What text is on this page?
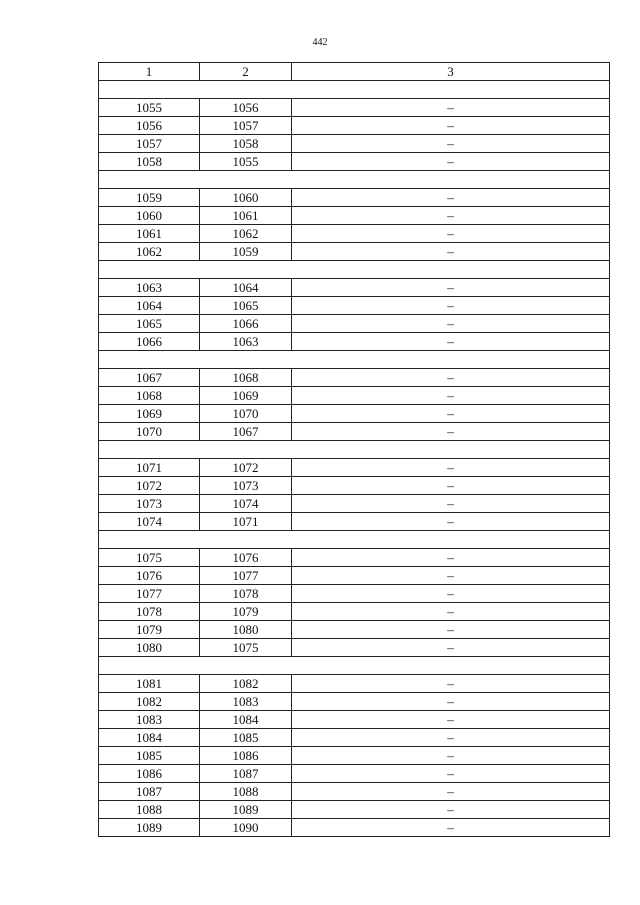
442
1	2	3

1055	1056	–
1056	1057	–
1057	1058	–
1058	1055	–

1059	1060	–
1060	1061	–
1061	1062	–
1062	1059	–

1063	1064	–
1064	1065	–
1065	1066	–
1066	1063	–

1067	1068	–
1068	1069	–
1069	1070	–
1070	1067	–

1071	1072	–
1072	1073	–
1073	1074	–
1074	1071	–

1075	1076	–
1076	1077	–
1077	1078	–
1078	1079	–
1079	1080	–
1080	1075	–

1081	1082	–
1082	1083	–
1083	1084	–
1084	1085	–
1085	1086	–
1086	1087	–
1087	1088	–
1088	1089	–
1089	1090	–
